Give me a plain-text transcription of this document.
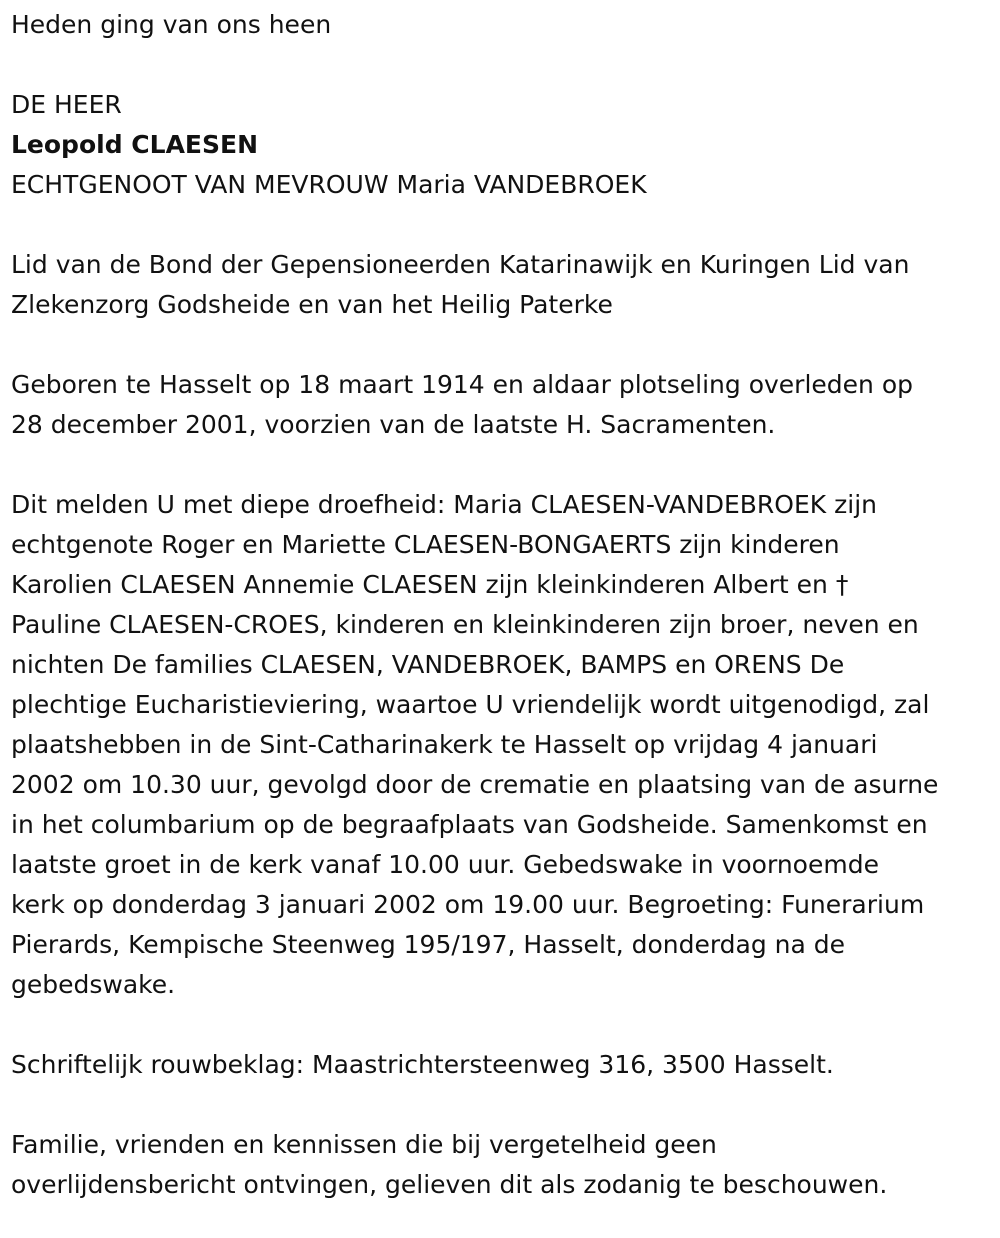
Heden ging van ons heen

DE HEER

Leopold CLAESEN

ECHTGENOOT VAN MEVROUW Maria VANDEBROEK

Lid van de Bond der Gepensioneerden Katarinawijk en Kuringen Lid van
Zlekenzorg Godsheide en van het Heilig Paterke

Geboren te Hasselt op 18 maart 1914 en aldaar plotseling overleden op
28 december 2001, voorzien van de laatste H. Sacramenten.

Dit melden U met diepe droefheid: Maria CLAESEN-VANDEBROEK zijn
echtgenote Roger en Mariette CLAESEN-BONGAERTS zijn kinderen
Karolien CLAESEN Annemie CLAESEN zijn kleinkinderen Albert en †
Pauline CLAESEN-CROES, kinderen en kleinkinderen zijn broer, neven en
nichten De families CLAESEN, VANDEBROEK, BAMPS en ORENS De
plechtige Eucharistieviering, waartoe U vriendelijk wordt uitgenodigd, zal
plaatshebben in de Sint-Catharinakerk te Hasselt op vrijdag 4 januari
2002 om 10.30 uur, gevolgd door de crematie en plaatsing van de asurne
in het columbarium op de begraafplaats van Godsheide. Samenkomst en
laatste groet in de kerk vanaf 10.00 uur. Gebedswake in voornoemde
kerk op donderdag 3 januari 2002 om 19.00 uur. Begroeting: Funerarium
Pierards, Kempische Steenweg 195/197, Hasselt, donderdag na de
gebedswake.

Schriftelijk rouwbeklag: Maastrichtersteenweg 316, 3500 Hasselt.

Familie, vrienden en kennissen die bij vergetelheid geen
overlijdensbericht ontvingen, gelieven dit als zodanig te beschouwen.
